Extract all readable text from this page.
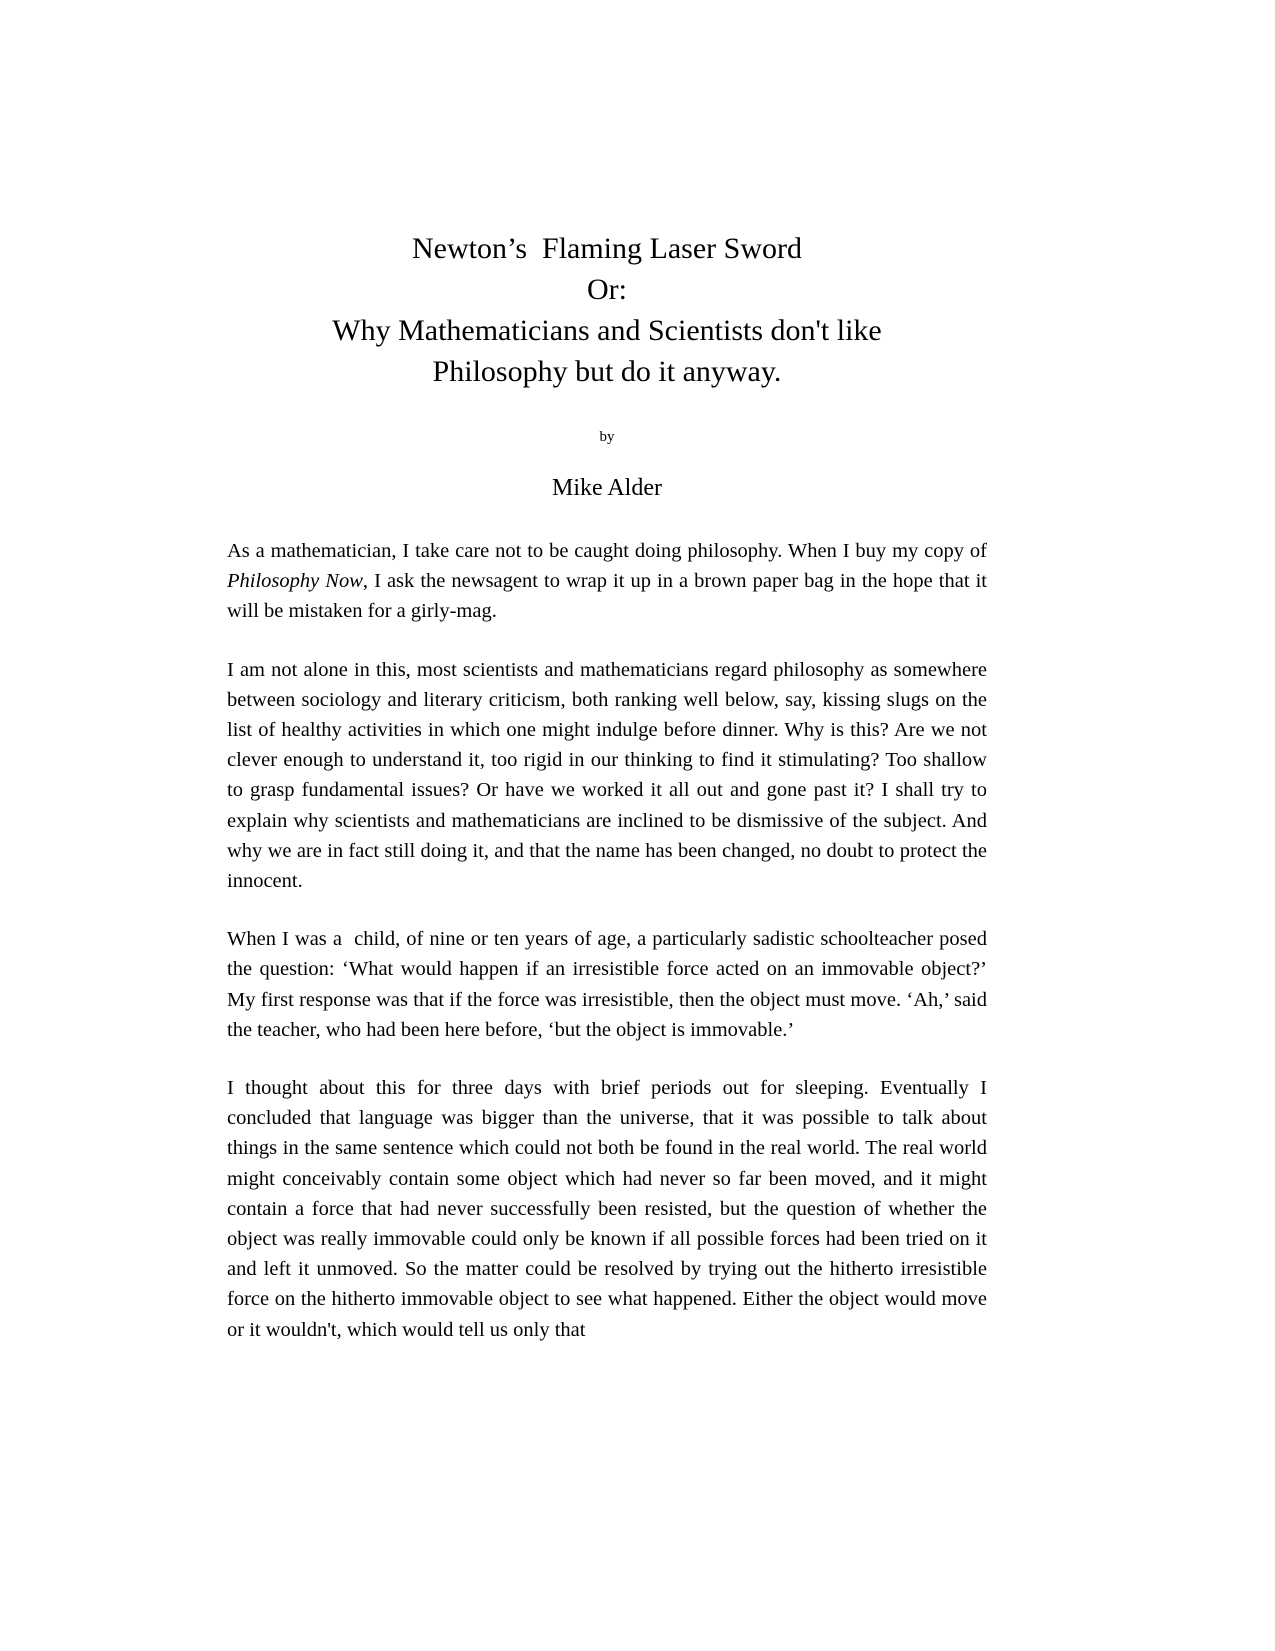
Newton’s  Flaming Laser Sword
Or:
Why Mathematicians and Scientists don't like
Philosophy but do it anyway.
by
Mike Alder

As a mathematician, I take care not to be caught doing philosophy. When I buy my copy of Philosophy Now, I ask the newsagent to wrap it up in a brown paper bag in the hope that it will be mistaken for a girly-mag.

I am not alone in this, most scientists and mathematicians regard philosophy as somewhere between sociology and literary criticism, both ranking well below, say, kissing slugs on the list of healthy activities in which one might indulge before dinner. Why is this? Are we not clever enough to understand it, too rigid in our thinking to find it stimulating? Too shallow to grasp fundamental issues? Or have we worked it all out and gone past it? I shall try to explain why scientists and mathematicians are inclined to be dismissive of the subject. And why we are in fact still doing it, and that the name has been changed, no doubt to protect the innocent.

When I was a  child, of nine or ten years of age, a particularly sadistic schoolteacher posed the question: ‘What would happen if an irresistible force acted on an immovable object?’ My first response was that if the force was irresistible, then the object must move. ‘Ah,’ said the teacher, who had been here before, ‘but the object is immovable.’

I thought about this for three days with brief periods out for sleeping. Eventually I concluded that language was bigger than the universe, that it was possible to talk about things in the same sentence which could not both be found in the real world. The real world might conceivably contain some object which had never so far been moved, and it might contain a force that had never successfully been resisted, but the question of whether the object was really immovable could only be known if all possible forces had been tried on it and left it unmoved. So the matter could be resolved by trying out the hitherto irresistible force on the hitherto immovable object to see what happened. Either the object would move or it wouldn't, which would tell us only that
